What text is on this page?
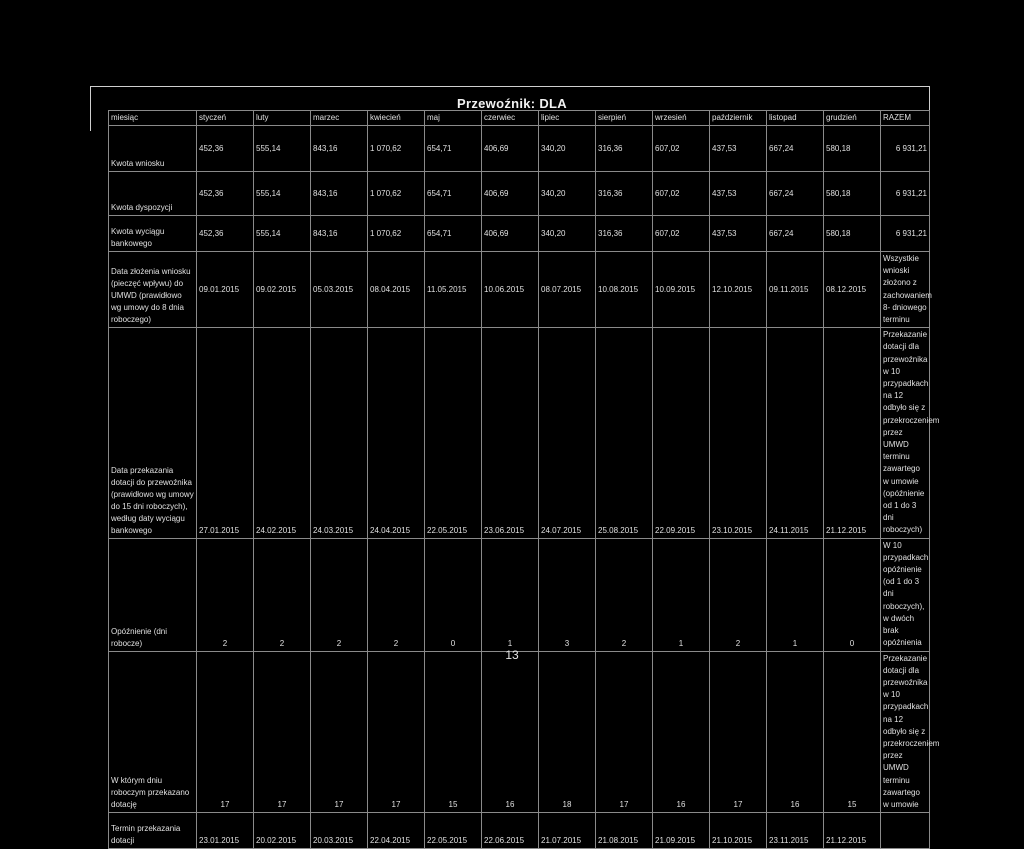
Przewoźnik: DLA
miesiąc	styczeń	luty	marzec	kwiecień	maj	czerwiec	lipiec	sierpień	wrzesień	październik	listopad	grudzień	RAZEM
Kwota wniosku	452,36	555,14	843,16	1 070,62	654,71	406,69	340,20	316,36	607,02	437,53	667,24	580,18	6 931,21
Kwota dyspozycji	452,36	555,14	843,16	1 070,62	654,71	406,69	340,20	316,36	607,02	437,53	667,24	580,18	6 931,21
Kwota wyciągu bankowego	452,36	555,14	843,16	1 070,62	654,71	406,69	340,20	316,36	607,02	437,53	667,24	580,18	6 931,21
Data złożenia wniosku (pieczęć wpływu) do UMWD (prawidłowo wg umowy do 8 dnia roboczego)	09.01.2015	09.02.2015	05.03.2015	08.04.2015	11.05.2015	10.06.2015	08.07.2015	10.08.2015	10.09.2015	12.10.2015	09.11.2015	08.12.2015	Wszystkie wnioski złożono z zachowaniem 8- dniowego terminu
Data przekazania dotacji do przewoźnika (prawidłowo wg umowy do 15 dni roboczych), według daty wyciągu bankowego	27.01.2015	24.02.2015	24.03.2015	24.04.2015	22.05.2015	23.06.2015	24.07.2015	25.08.2015	22.09.2015	23.10.2015	24.11.2015	21.12.2015	Przekazanie dotacji dla przewoźnika w 10 przypadkach na 12 odbyło się z przekroczeniem przez UMWD terminu zawartego w umowie (opóźnienie od 1 do 3 dni roboczych)
Opóźnienie (dni robocze)	2	2	2	2	0	1	3	2	1	2	1	0	W 10 przypadkach opóźnienie (od 1 do 3 dni roboczych), w dwóch brak opóźnienia
W którym dniu roboczym przekazano dotację	17	17	17	17	15	16	18	17	16	17	16	15	Przekazanie dotacji dla przewoźnika w 10 przypadkach na 12 odbyło się z przekroczeniem przez UMWD terminu zawartego w umowie
Termin przekazania dotacji	23.01.2015	20.02.2015	20.03.2015	22.04.2015	22.05.2015	22.06.2015	21.07.2015	21.08.2015	21.09.2015	21.10.2015	23.11.2015	21.12.2015	
13
